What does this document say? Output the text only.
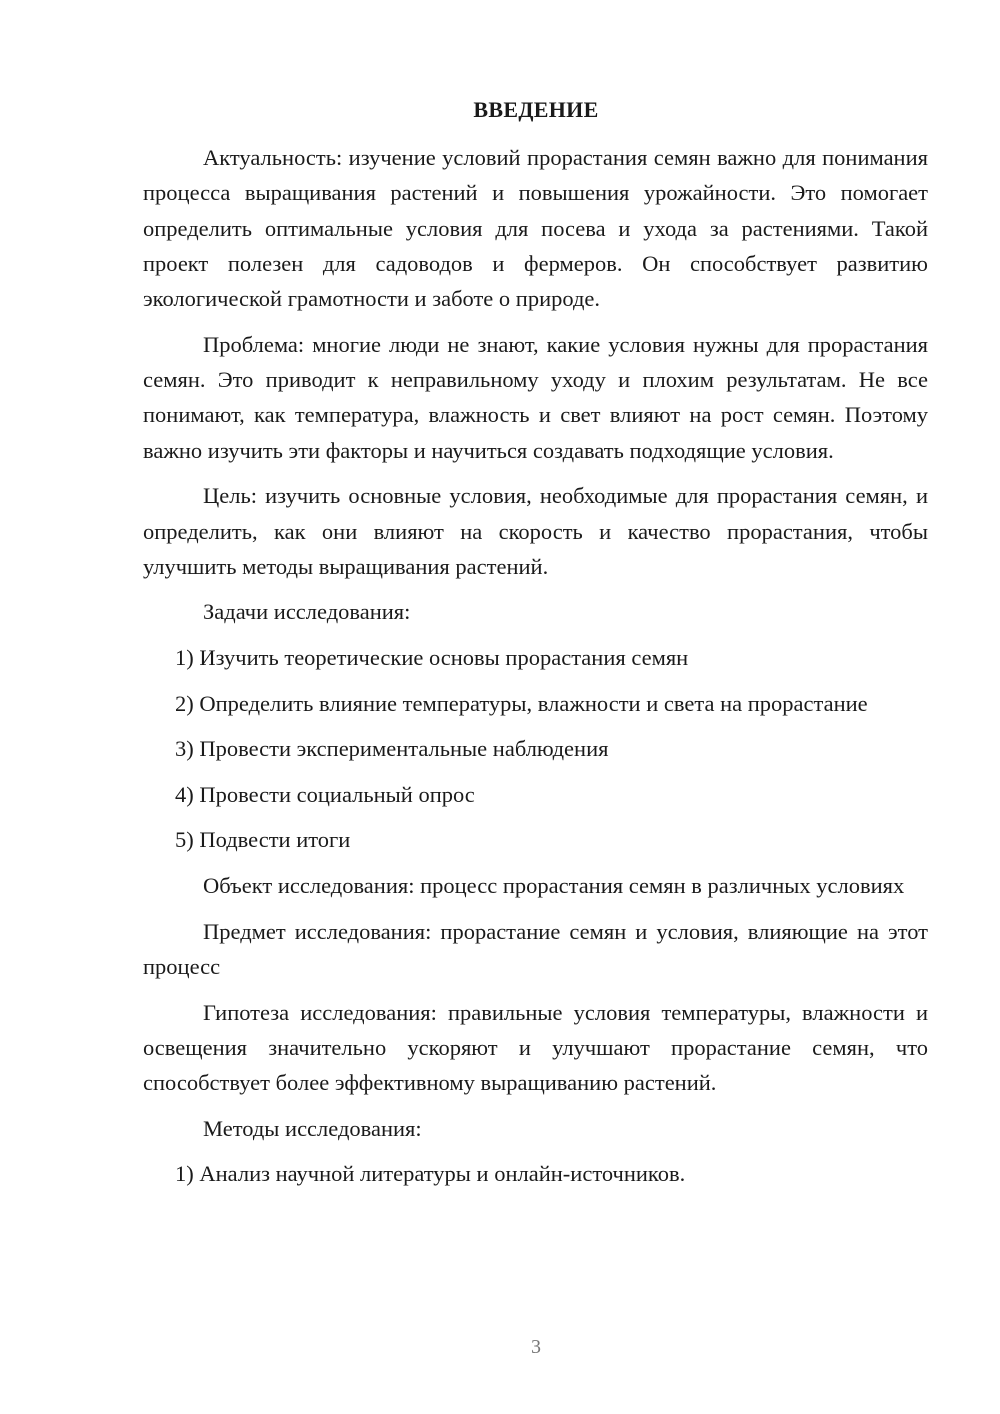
ВВЕДЕНИЕ

Актуальность: изучение условий прорастания семян важно для понимания процесса выращивания растений и повышения урожайности. Это помогает определить оптимальные условия для посева и ухода за растениями. Такой проект полезен для садоводов и фермеров. Он способствует развитию экологической грамотности и заботе о природе.

Проблема: многие люди не знают, какие условия нужны для прорастания семян. Это приводит к неправильному уходу и плохим результатам. Не все понимают, как температура, влажность и свет влияют на рост семян. Поэтому важно изучить эти факторы и научиться создавать подходящие условия.

Цель: изучить основные условия, необходимые для прорастания семян, и определить, как они влияют на скорость и качество прорастания, чтобы улучшить методы выращивания растений.

Задачи исследования:

1) Изучить теоретические основы прорастания семян

2) Определить влияние температуры, влажности и света на прорастание

3) Провести экспериментальные наблюдения

4) Провести социальный опрос

5) Подвести итоги

Объект исследования: процесс прорастания семян в различных условиях

Предмет исследования: прорастание семян и условия, влияющие на этот процесс

Гипотеза исследования: правильные условия температуры, влажности и освещения значительно ускоряют и улучшают прорастание семян, что способствует более эффективному выращиванию растений.

Методы исследования:

1) Анализ научной литературы и онлайн-источников.

3
